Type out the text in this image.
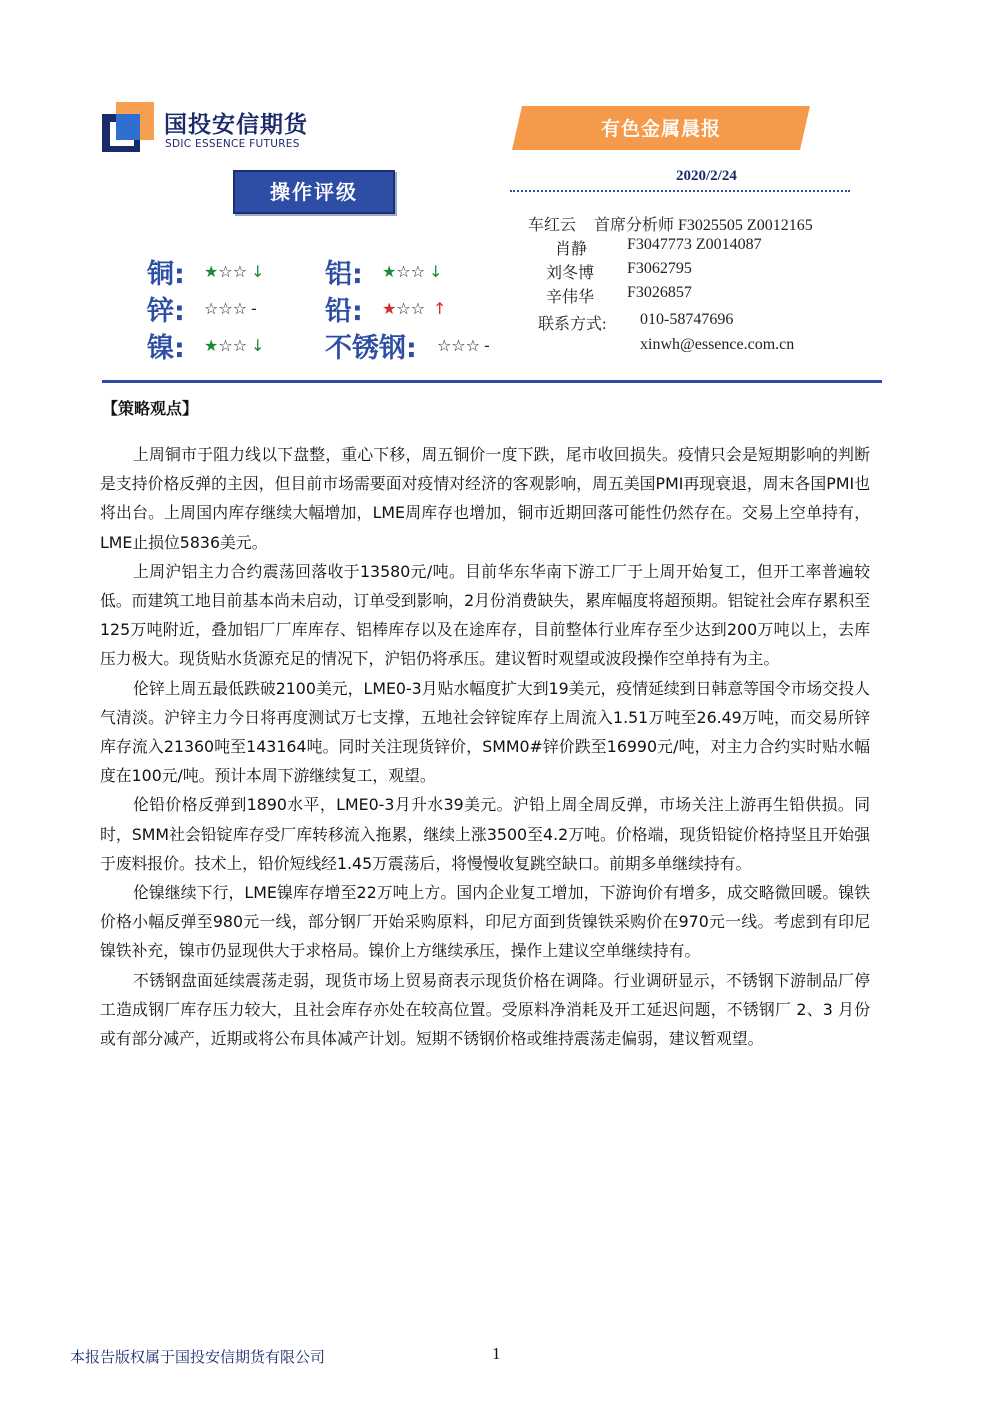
国投安信期货
SDIC ESSENCE FUTURES
有色金属晨报
2020/2/24
操作评级
铜: ★☆☆ ↓ 铝: ★☆☆ ↓
锌: ☆☆☆ -	铅: ★☆☆ ↑
镍: ★☆☆ ↓ 不锈钢: ☆☆☆ -
车红云 首席分析师 F3025505 Z0012165
肖静 F3047773 Z0014087
刘冬博 F3062795
辛伟华 F3026857
联系方式: 010-58747696
xinwh@essence.com.cn
【策略观点】

上周铜市于阻力线以下盘整，重心下移，周五铜价一度下跌，尾市收回损失。疫情只会是短期影响的判断是支持价格反弹的主因，但目前市场需要面对疫情对经济的客观影响，周五美国PMI再现衰退，周末各国PMI也将出台。上周国内库存继续大幅增加，LME周库存也增加，铜市近期回落可能性仍然存在。交易上空单持有，LME止损位5836美元。

上周沪铝主力合约震荡回落收于13580元/吨。目前华东华南下游工厂于上周开始复工，但开工率普遍较低。而建筑工地目前基本尚未启动，订单受到影响，2月份消费缺失，累库幅度将超预期。铝锭社会库存累积至125万吨附近，叠加铝厂厂库库存、铝棒库存以及在途库存，目前整体行业库存至少达到200万吨以上，去库压力极大。现货贴水货源充足的情况下，沪铝仍将承压。建议暂时观望或波段操作空单持有为主。

伦锌上周五最低跌破2100美元，LME0-3月贴水幅度扩大到19美元，疫情延续到日韩意等国令市场交投人气清淡。沪锌主力今日将再度测试万七支撑，五地社会锌锭库存上周流入1.51万吨至26.49万吨，而交易所锌库存流入21360吨至143164吨。同时关注现货锌价，SMM0#锌价跌至16990元/吨，对主力合约实时贴水幅度在100元/吨。预计本周下游继续复工，观望。

伦铅价格反弹到1890水平，LME0-3月升水39美元。沪铅上周全周反弹，市场关注上游再生铅供损。同时，SMM社会铅锭库存受厂库转移流入拖累，继续上涨3500至4.2万吨。价格端，现货铅锭价格持坚且开始强于废料报价。技术上，铅价短线经1.45万震荡后，将慢慢收复跳空缺口。前期多单继续持有。

伦镍继续下行，LME镍库存增至22万吨上方。国内企业复工增加，下游询价有增多，成交略微回暖。镍铁价格小幅反弹至980元一线，部分钢厂开始采购原料，印尼方面到货镍铁采购价在970元一线。考虑到有印尼镍铁补充，镍市仍显现供大于求格局。镍价上方继续承压，操作上建议空单继续持有。

不锈钢盘面延续震荡走弱，现货市场上贸易商表示现货价格在调降。行业调研显示，不锈钢下游制品厂停工造成钢厂库存压力较大，且社会库存亦处在较高位置。受原料净消耗及开工延迟问题，不锈钢厂 2、3 月份或有部分减产，近期或将公布具体减产计划。短期不锈钢价格或维持震荡走偏弱，建议暂观望。

本报告版权属于国投安信期货有限公司	1
